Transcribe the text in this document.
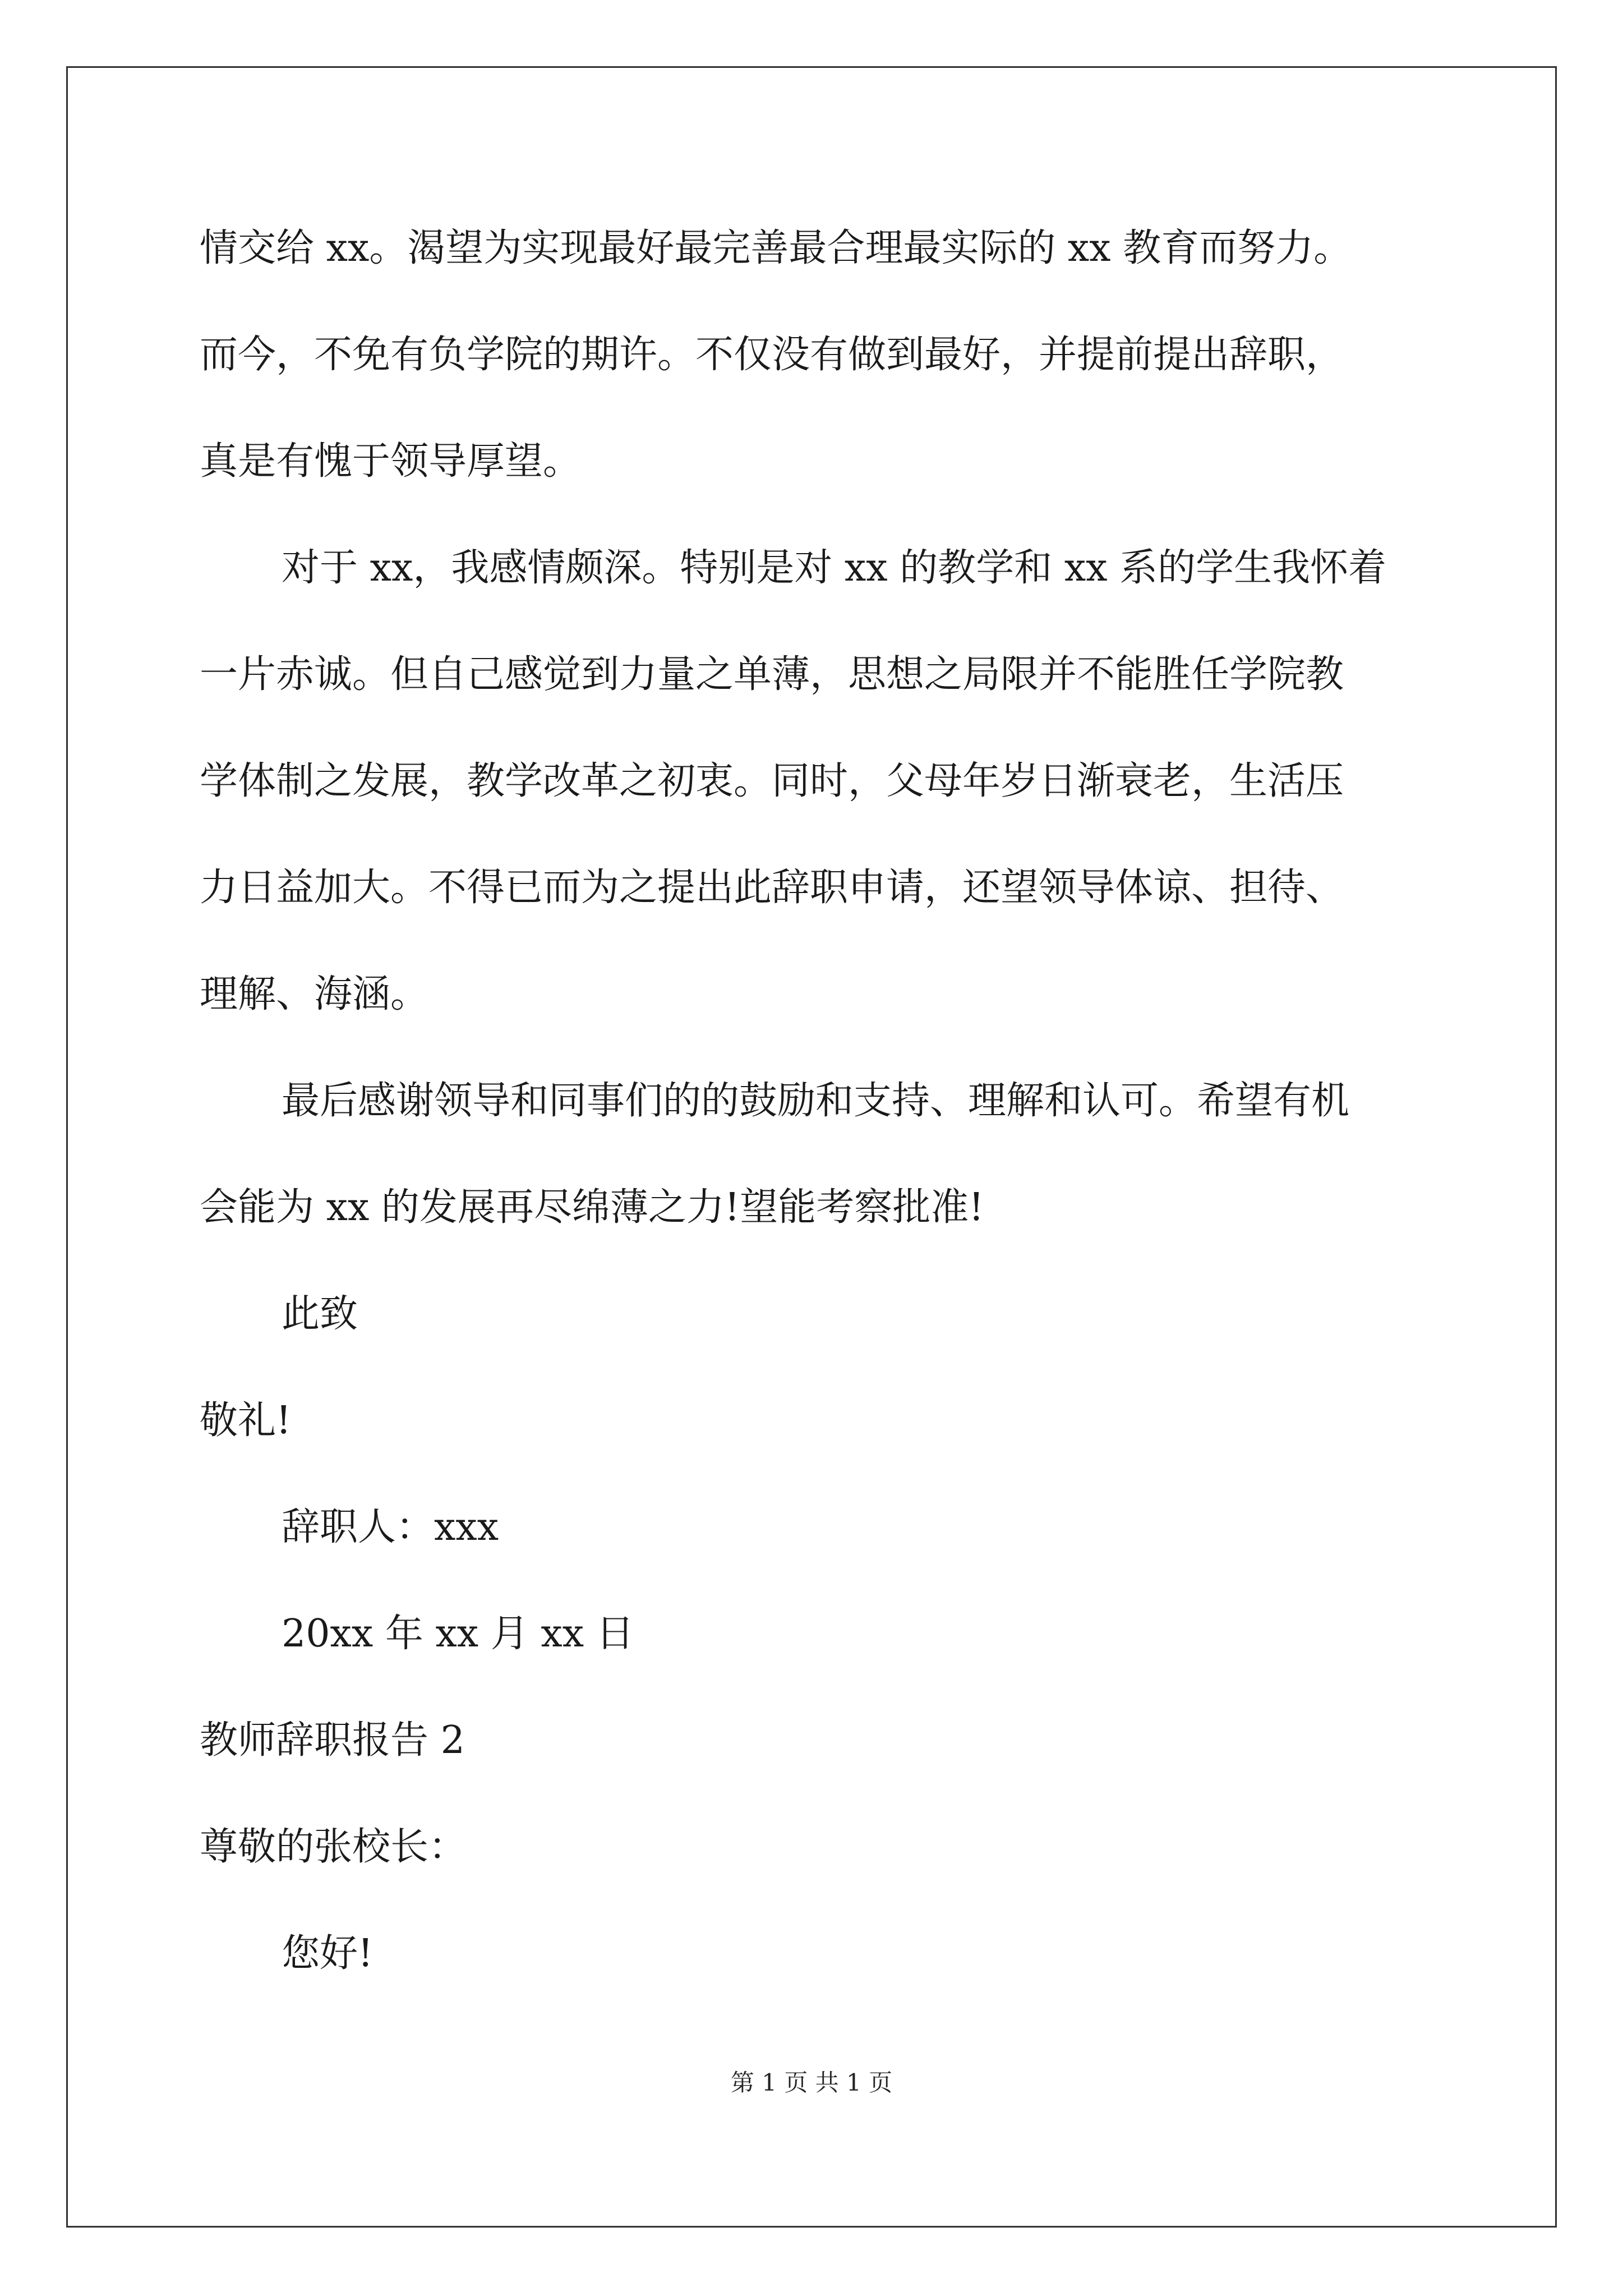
情交给 xx。渴望为实现最好最完善最合理最实际的 xx 教育而努力。
而今，不免有负学院的期许。不仅没有做到最好，并提前提出辞职，
真是有愧于领导厚望。
对于 xx，我感情颇深。特别是对 xx 的教学和 xx 系的学生我怀着
一片赤诚。但自己感觉到力量之单薄，思想之局限并不能胜任学院教
学体制之发展，教学改革之初衷。同时，父母年岁日渐衰老，生活压
力日益加大。不得已而为之提出此辞职申请，还望领导体谅、担待、
理解、海涵。
最后感谢领导和同事们的的鼓励和支持、理解和认可。希望有机
会能为 xx 的发展再尽绵薄之力!望能考察批准!
此致
敬礼!
辞职人：xxx
20xx 年 xx 月 xx 日
教师辞职报告 2
尊敬的张校长：
您好!
第 1 页 共 1 页
